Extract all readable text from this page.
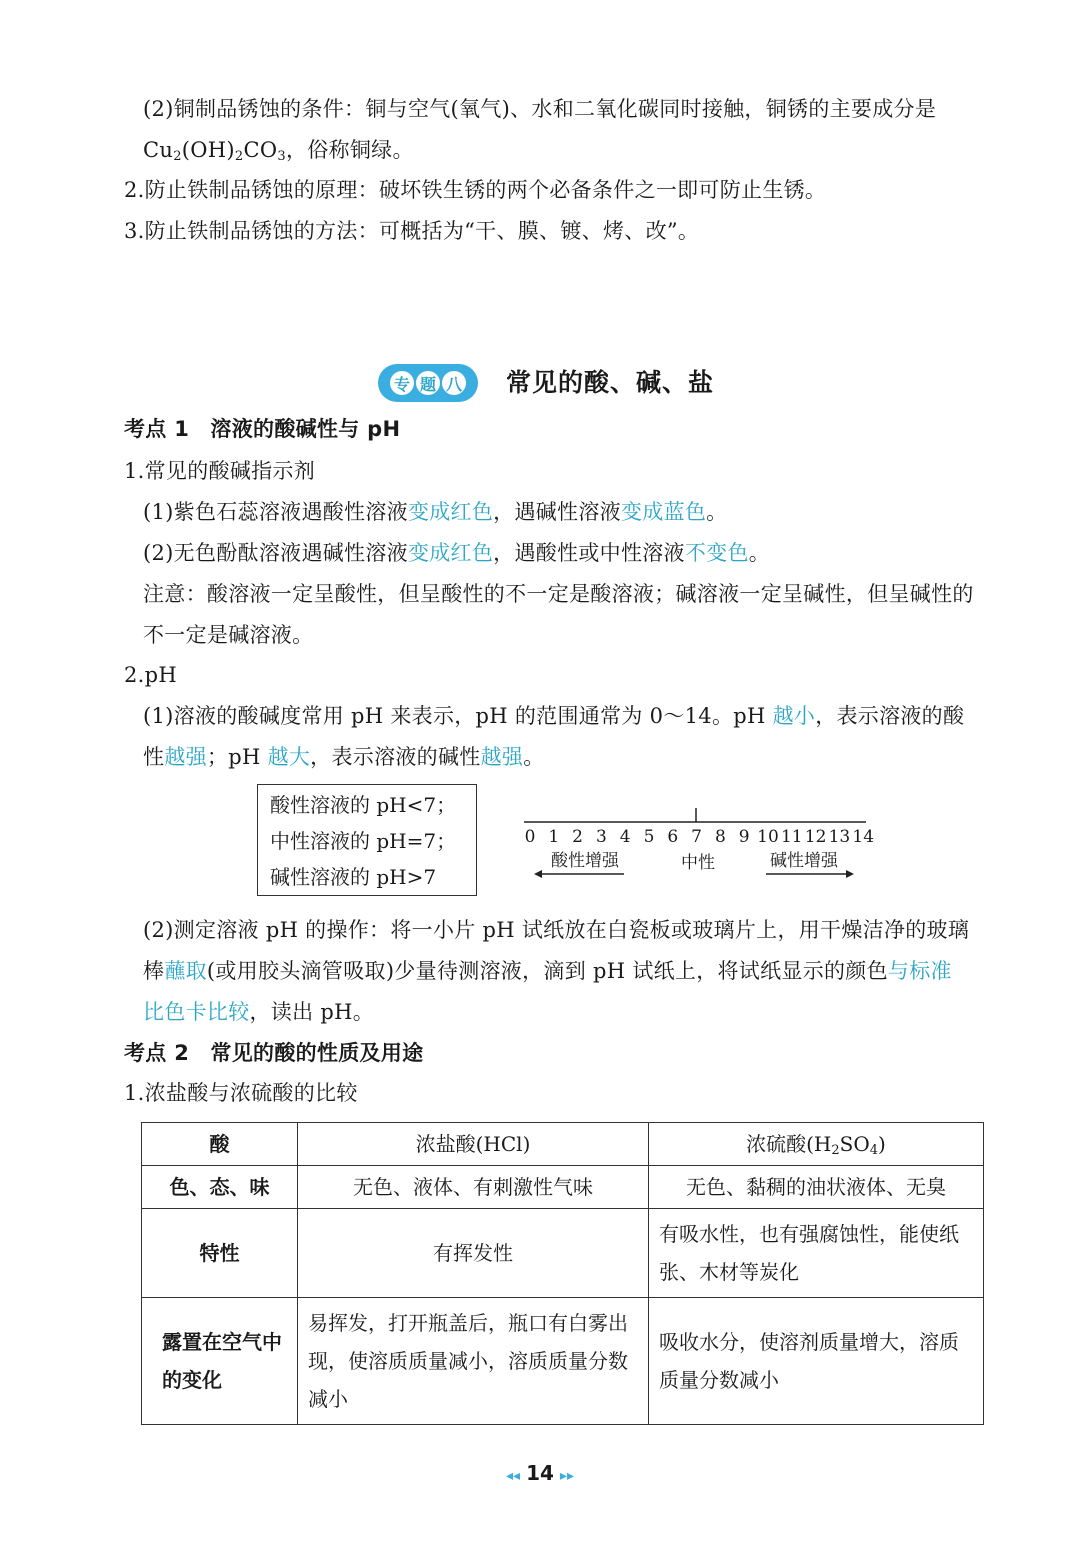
(2)铜制品锈蚀的条件：铜与空气(氧气)、水和二氧化碳同时接触，铜锈的主要成分是
$Cu_2(OH)_2CO_3$，俗称铜绿。
2.防止铁制品锈蚀的原理：破坏铁生锈的两个必备条件之一即可防止生锈。
3.防止铁制品锈蚀的方法：可概括为“干、膜、镀、烤、改”。
专 题 八 常见的酸、碱、盐
考点 1　溶液的酸碱性与 pH
1.常见的酸碱指示剂
(1)紫色石蕊溶液遇酸性溶液变成红色，遇碱性溶液变成蓝色。
(2)无色酚酞溶液遇碱性溶液变成红色，遇酸性或中性溶液不变色。
注意：酸溶液一定呈酸性，但呈酸性的不一定是酸溶液；碱溶液一定呈碱性，但呈碱性的
不一定是碱溶液。
2.pH
(1)溶液的酸碱度常用 pH 来表示，pH 的范围通常为 0～14。pH 越小，表示溶液的酸
性越强；pH 越大，表示溶液的碱性越强。
酸性溶液的 pH<7；
中性溶液的 pH=7；
碱性溶液的 pH>7
0 1 2 3 4 5 6 7 8 9 10 11 12 13 14
酸性增强	中性	碱性增强
(2)测定溶液 pH 的操作：将一小片 pH 试纸放在白瓷板或玻璃片上，用干燥洁净的玻璃
棒蘸取(或用胶头滴管吸取)少量待测溶液，滴到 pH 试纸上，将试纸显示的颜色与标准
比色卡比较，读出 pH。
考点 2　常见的酸的性质及用途
1.浓盐酸与浓硫酸的比较
酸	浓盐酸(HCl)	浓硫酸$(H_2SO_4)$
色、态、味	无色、液体、有刺激性气味	无色、黏稠的油状液体、无臭
特性	有挥发性	有吸水性，也有强腐蚀性，能使纸张、木材等炭化
露置在空气中的变化	易挥发，打开瓶盖后，瓶口有白雾出现，使溶质质量减小，溶质质量分数减小	吸收水分，使溶剂质量增大，溶质质量分数减小
◂◂ 14 ▸▸
